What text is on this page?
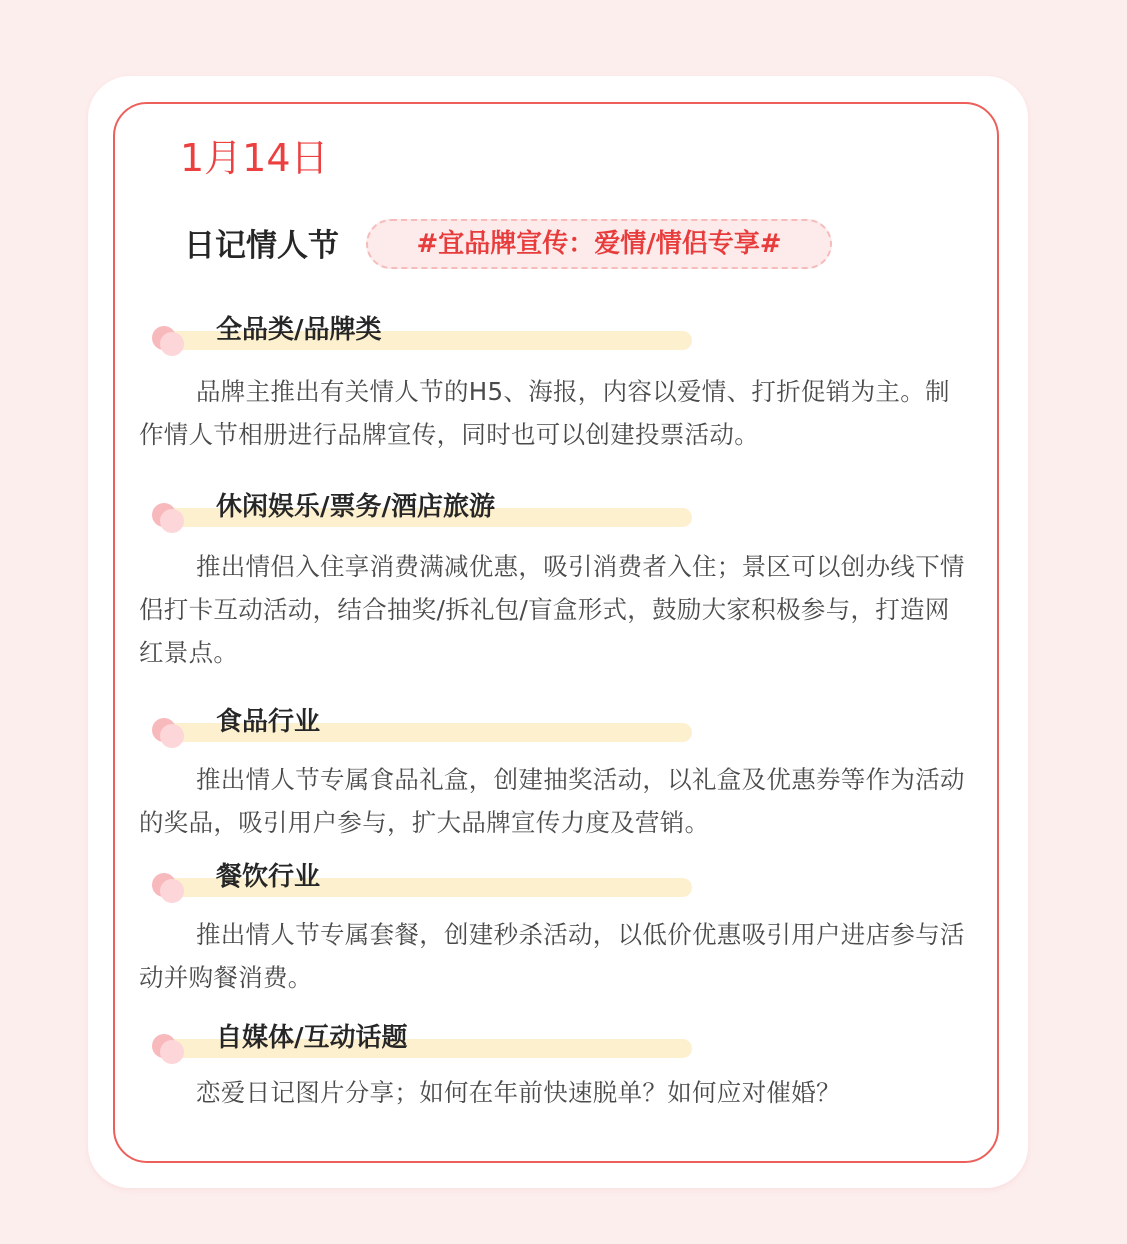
1月14日
日记情人节	#宜品牌宣传：爱情/情侣专享#
全品类/品牌类

品牌主推出有关情人节的H5、海报，内容以爱情、打折促销为主。制作情人节相册进行品牌宣传，同时也可以创建投票活动。

休闲娱乐/票务/酒店旅游

推出情侣入住享消费满减优惠，吸引消费者入住；景区可以创办线下情侣打卡互动活动，结合抽奖/拆礼包/盲盒形式，鼓励大家积极参与，打造网红景点。

食品行业

推出情人节专属食品礼盒，创建抽奖活动，以礼盒及优惠券等作为活动的奖品，吸引用户参与，扩大品牌宣传力度及营销。

餐饮行业

推出情人节专属套餐，创建秒杀活动，以低价优惠吸引用户进店参与活动并购餐消费。

自媒体/互动话题

恋爱日记图片分享；如何在年前快速脱单？如何应对催婚？
